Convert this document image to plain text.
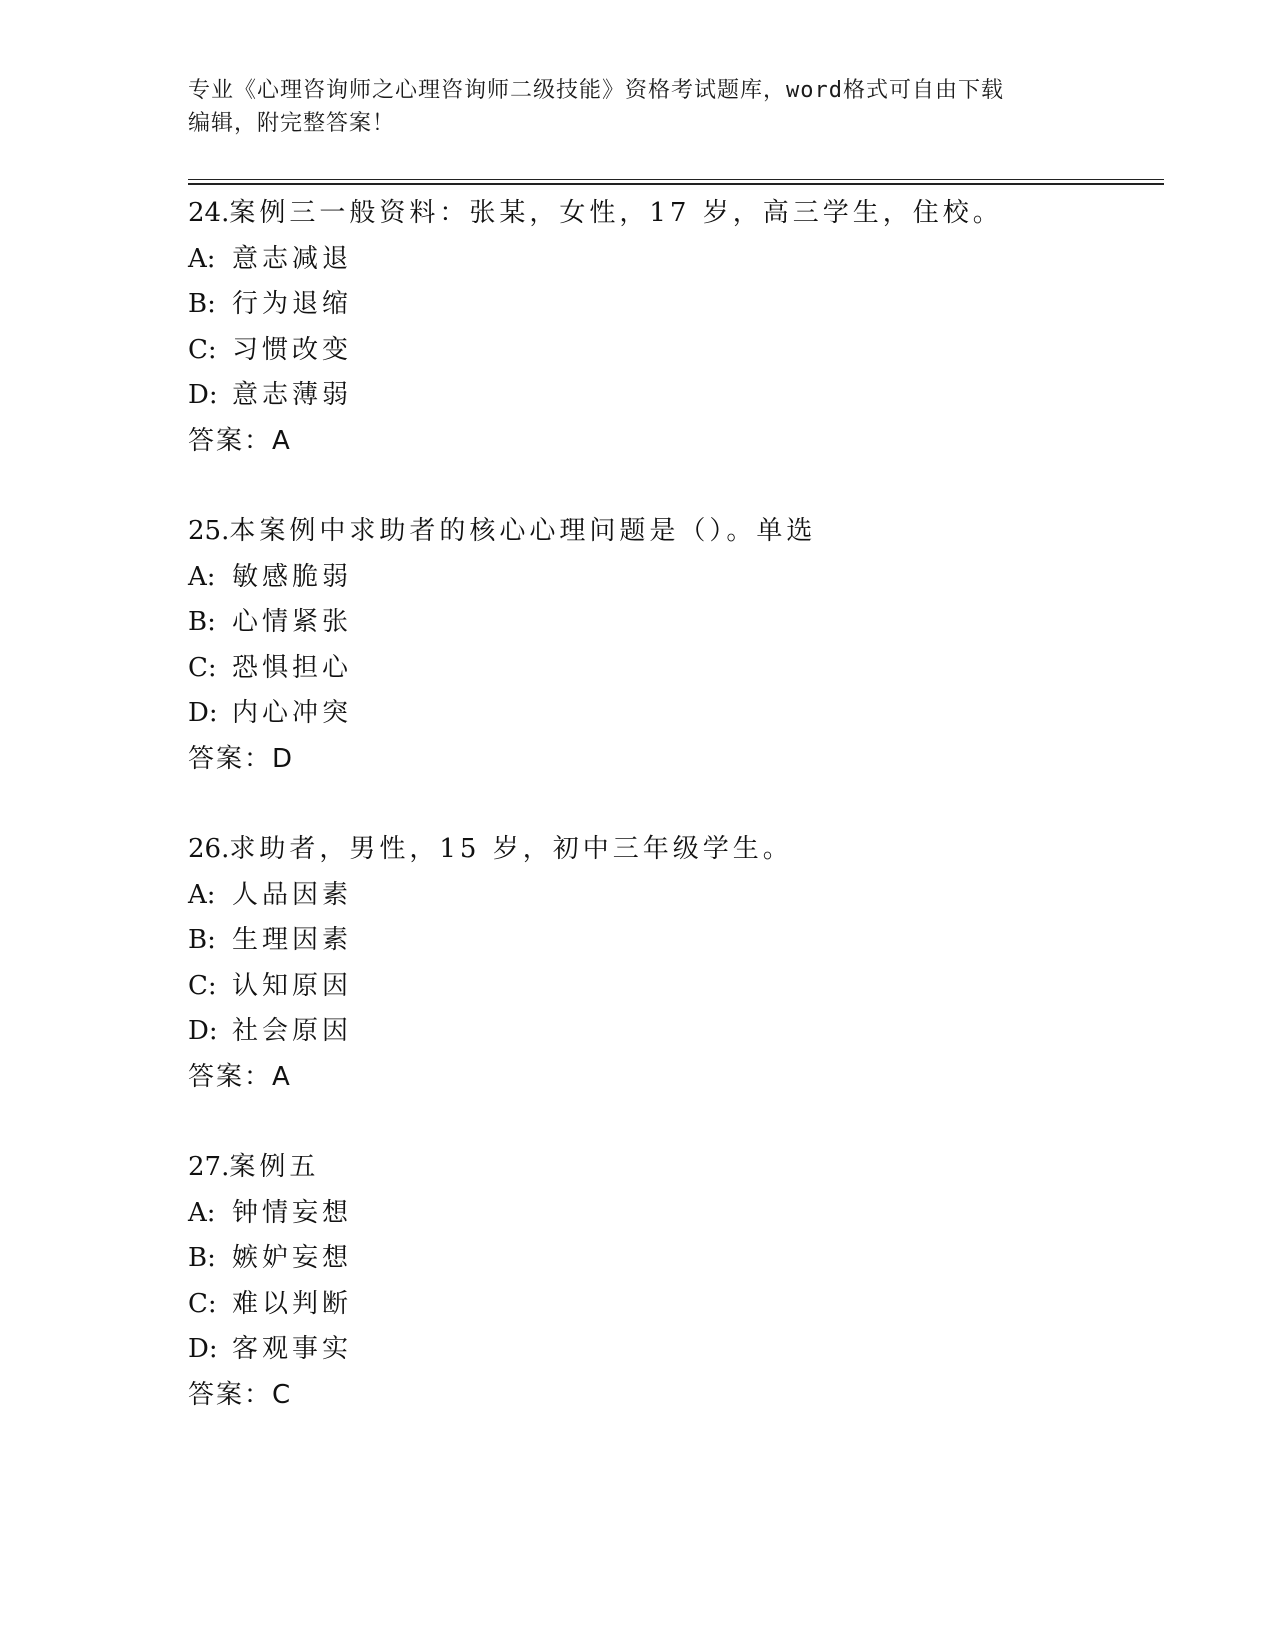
专业《心理咨询师之心理咨询师二级技能》资格考试题库，word格式可自由下载
编辑，附完整答案！
24. 案例三一般资料：张某，女性，17 岁，高三学生，住校。
A: 意志减退
B: 行为退缩
C: 习惯改变
D: 意志薄弱
答案：A
25. 本案例中求助者的核心心理问题是（）。单选
A: 敏感脆弱
B: 心情紧张
C: 恐惧担心
D: 内心冲突
答案：D
26. 求助者，男性，15 岁，初中三年级学生。
A: 人品因素
B: 生理因素
C: 认知原因
D: 社会原因
答案：A
27. 案例五
A: 钟情妄想
B: 嫉妒妄想
C: 难以判断
D: 客观事实
答案：C
